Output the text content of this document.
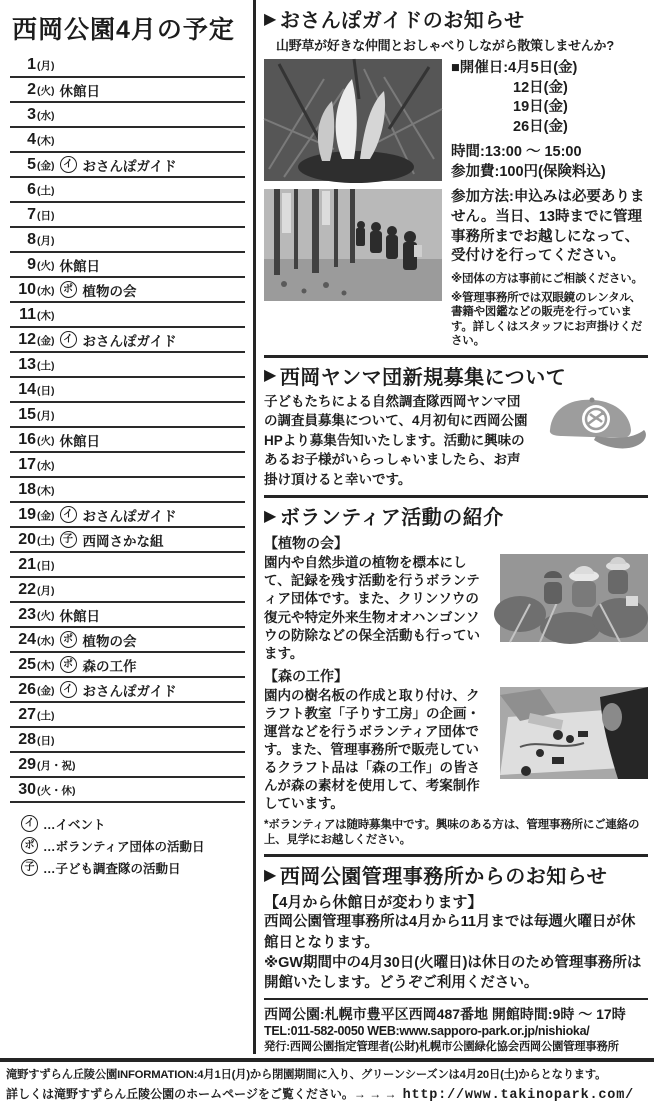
西岡公園4月の予定
1 (月)
2 (火) 休館日
3 (水)
4 (木)
5 (金) イ おさんぽガイド
6 (土)
7 (日)
8 (月)
9 (火) 休館日
10 (水) ポ 植物の会
11 (木)
12 (金) イ おさんぽガイド
13 (土)
14 (日)
15 (月)
16 (火) 休館日
17 (水)
18 (木)
19 (金) イ おさんぽガイド
20 (土) 子 西岡さかな組
21 (日)
22 (月)
23 (火) 休館日
24 (水) ポ 植物の会
25 (木) ポ 森の工作
26 (金) イ おさんぽガイド
27 (土)
28 (日)
29 (月・祝)
30 (火・休)
イ …イベント
ポ …ボランティア団体の活動日
子 …子ども調査隊の活動日
▶ おさんぽガイドのお知らせ
山野草が好きな仲間とおしゃべりしながら散策しませんか?
■開催日:4月5日(金)
12日(金)
19日(金)
26日(金)
時間:13:00 〜 15:00
参加費:100円(保険料込)
参加方法:申込みは必要ありません。当日、13時までに管理事務所までお越しになって、受付けを行ってください。
※団体の方は事前にご相談ください。
※管理事務所では双眼鏡のレンタル、書籍や図鑑などの販売を行っています。詳しくはスタッフにお声掛けください。
▶ 西岡ヤンマ団新規募集について
子どもたちによる自然調査隊西岡ヤンマ団の調査員募集について、4月初旬に西岡公園HPより募集告知いたします。活動に興味のあるお子様がいらっしゃいましたら、お声掛け頂けると幸いです。
▶ ボランティア活動の紹介
【植物の会】
園内や自然歩道の植物を標本にして、記録を残す活動を行うボランティア団体です。また、クリンソウの復元や特定外来生物オオハンゴンソウの防除などの保全活動も行っています。
【森の工作】
園内の樹名板の作成と取り付け、クラフト教室「子りす工房」の企画・運営などを行うボランティア団体です。また、管理事務所で販売しているクラフト品は「森の工作」の皆さんが森の素材を使用して、考案制作しています。
*ボランティアは随時募集中です。興味のある方は、管理事務所にご連絡の上、見学にお越しください。
▶ 西岡公園管理事務所からのお知らせ
【4月から休館日が変わります】
西岡公園管理事務所は4月から11月までは毎週火曜日が休館日となります。
※GW期間中の4月30日(火曜日)は休日のため管理事務所は開館いたします。どうぞご利用ください。
西岡公園:札幌市豊平区西岡487番地 開館時間:9時 〜 17時
TEL:011-582-0050 WEB:www.sapporo-park.or.jp/nishioka/
発行:西岡公園指定管理者(公財)札幌市公園緑化協会西岡公園管理事務所
滝野すずらん丘陵公園INFORMATION:4月1日(月)から閉園期間に入り、グリーンシーズンは4月20日(土)からとなります。
詳しくは滝野すずらん丘陵公園のホームページをご覧ください。→ → → http://www.takinopark.com/
